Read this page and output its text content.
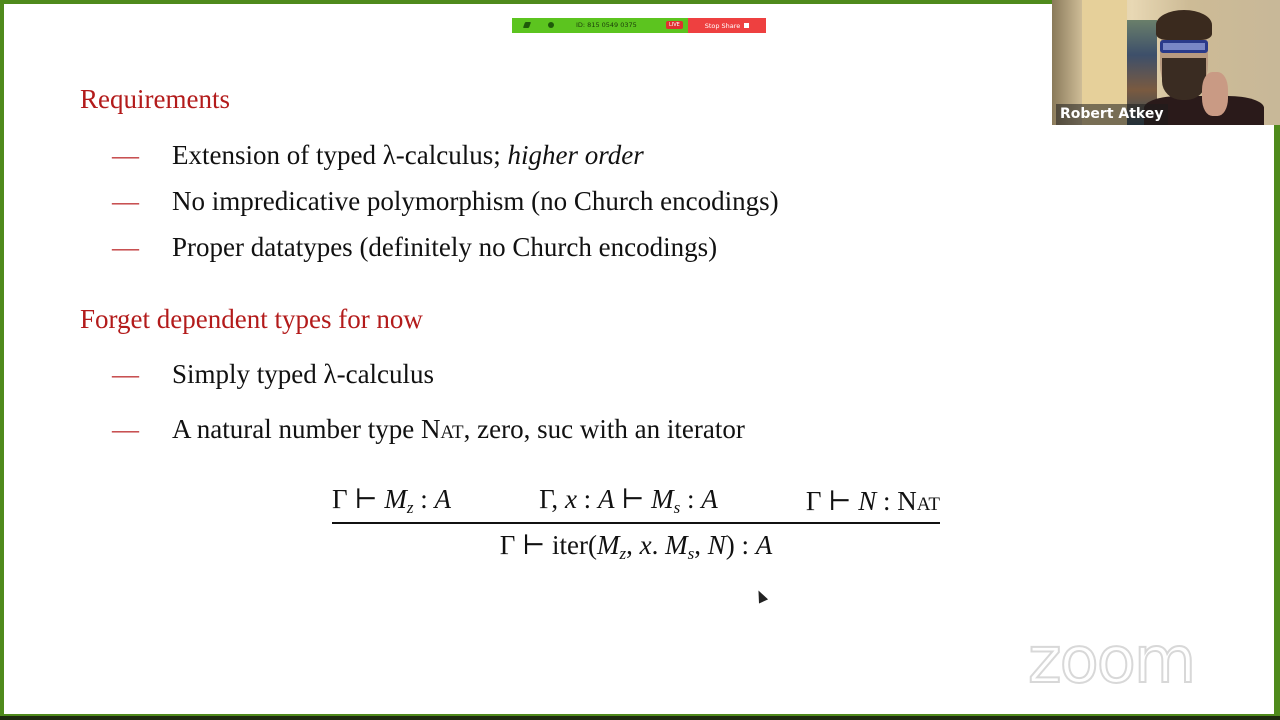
ID: 815 0549 0375	LIVE	Stop Share
Requirements
—	Extension of typed λ-calculus; higher order
—	No impredicative polymorphism (no Church encodings)
—	Proper datatypes (definitely no Church encodings)
Forget dependent types for now
—	Simply typed λ-calculus
—	A natural number type Nat, zero, suc with an iterator
Γ ⊢ $M_z$ : A	Γ, x : A ⊢ $M_s$ : A	Γ ⊢ N : Nat
Γ ⊢ $iter(M_z$, x. $M_s$, N) : A
zoom
Robert Atkey
